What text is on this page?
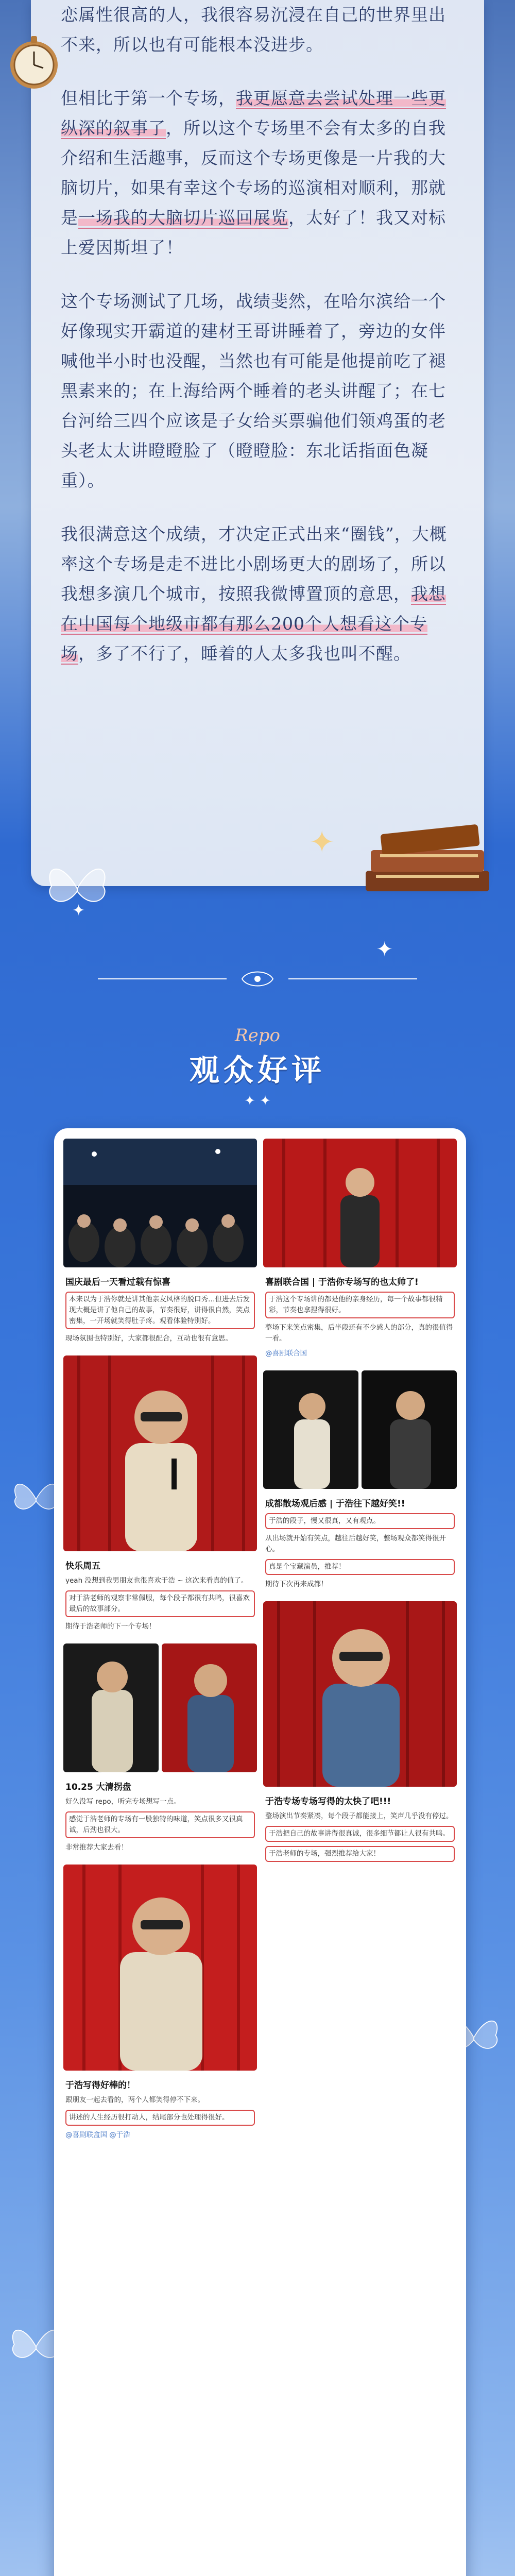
恋属性很高的人，我很容易沉浸在自己的世界里出不来，所以也有可能根本没进步。

但相比于第一个专场，我更愿意去尝试处理一些更纵深的叙事了，所以这个专场里不会有太多的自我介绍和生活趣事，反而这个专场更像是一片我的大脑切片，如果有幸这个专场的巡演相对顺利，那就是一场我的大脑切片巡回展览，太好了！我又对标上爱因斯坦了！

这个专场测试了几场，战绩斐然，在哈尔滨给一个好像现实开霸道的建材王哥讲睡着了，旁边的女伴喊他半小时也没醒，当然也有可能是他提前吃了褪黑素来的；在上海给两个睡着的老头讲醒了；在七台河给三四个应该是子女给买票骗他们领鸡蛋的老头老太太讲瞪瞪脸了（瞪瞪脸：东北话指面色凝重）。

我很满意这个成绩，才决定正式出来“圈钱”，大概率这个专场是走不进比小剧场更大的剧场了，所以我想多演几个城市，按照我微博置顶的意思，我想在中国每个地级市都有那么200个人想看这个专场，多了不行了，睡着的人太多我也叫不醒。

✦
✦
✦
Repo
观众好评
✦ ✦
国庆最后一天看过载有惊喜

本来以为于浩你就是讲其他亲友风格的脱口秀…但进去后发现大概是讲了他自己的故事，节奏很好，讲得很自然，笑点密集，一开场就笑得肚子疼。观看体验特别好。

现场氛围也特别好，大家都很配合，互动也很有意思。

快乐周五

yeah 没想到我男朋友也很喜欢于浩 ~ 这次来看真的值了。

对于浩老师的观察非常佩服，每个段子都很有共鸣，很喜欢最后的故事部分。

期待于浩老师的下一个专场！

10.25 大清拐盘

好久没写 repo，听完专场想写一点。

感觉于浩老师的专场有一股独特的味道，笑点很多又很真诚，后劲也很大。

非常推荐大家去看！

于浩写得好棒的！

跟朋友一起去看的，两个人都笑得停不下来。

讲述的人生经历很打动人，结尾部分也处理得很好。

@喜剧联盒国 @于浩

喜剧联合国 | 于浩你专场写的也太帅了!

于浩这个专场讲的都是他的亲身经历，每一个故事都很精彩，节奏也拿捏得很好。

整场下来笑点密集，后半段还有不少感人的部分，真的很值得一看。

@喜剧联合国

成都散场观后感 | 于浩往下越好笑!!

于浩的段子，慢又很真，又有观点。

从出场就开始有笑点，越往后越好笑，整场观众都笑得很开心。

真是个宝藏演员，推荐！

期待下次再来成都！

于浩专场专场写得的太快了吧!!!

整场演出节奏紧凑，每个段子都能接上，笑声几乎没有停过。

于浩把自己的故事讲得很真诚，很多细节都让人很有共鸣。

于浩老师的专场，强烈推荐给大家！
